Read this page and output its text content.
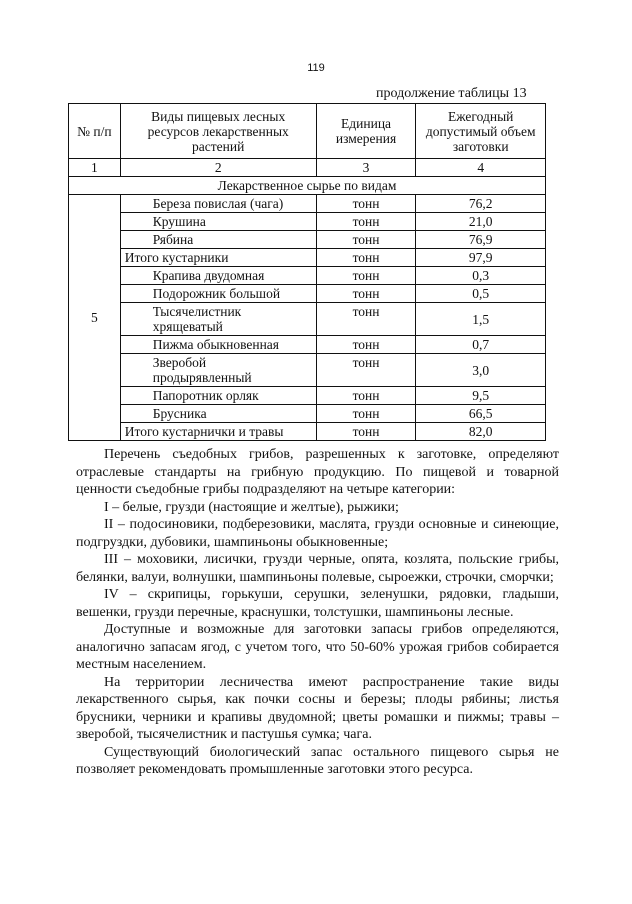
119
продолжение таблицы 13
№ п/п	Виды пищевых лесных ресурсов лекарственных растений	Единица измерения	Ежегодный допустимый объем заготовки
1	2	3	4
Лекарственное сырье по видам			
5	Береза повислая (чага)	тонн	76,2
	Крушина	тонн	21,0
	Рябина	тонн	76,9
	Итого кустарники	тонн	97,9
	Крапива двудомная	тонн	0,3
	Подорожник большой	тонн	0,5
	Тысячелистник хрящеватый	тонн	1,5
	Пижма обыкновенная	тонн	0,7
	Зверобой продырявленный	тонн	3,0
	Папоротник орляк	тонн	9,5
	Брусника	тонн	66,5
	Итого кустарнички и травы	тонн	82,0

Перечень съедобных грибов, разрешенных к заготовке, определяют отраслевые стандарты на грибную продукцию. По пищевой и товарной ценности съедобные грибы подразделяют на четыре категории:

I – белые, грузди (настоящие и желтые), рыжики;

II – подосиновики, подберезовики, маслята, грузди основные и синеющие, подгруздки, дубовики, шампиньоны обыкновенные;

III – моховики, лисички, грузди черные, опята, козлята, польские грибы, белянки, валуи, волнушки, шампиньоны полевые, сыроежки, строчки, сморчки;

IV – скрипицы, горькуши, серушки, зеленушки, рядовки, гладыши, вешенки, грузди перечные, краснушки, толстушки, шампиньоны лесные.

Доступные и возможные для заготовки запасы грибов определяются, аналогично запасам ягод, с учетом того, что 50-60% урожая грибов собирается местным населением.

На территории лесничества имеют распространение такие виды лекарственного сырья, как почки сосны и березы; плоды рябины; листья брусники, черники и крапивы двудомной; цветы ромашки и пижмы; травы – зверобой, тысячелистник и пастушья сумка; чага.

Существующий биологический запас остального пищевого сырья не позволяет рекомендовать промышленные заготовки этого ресурса.
